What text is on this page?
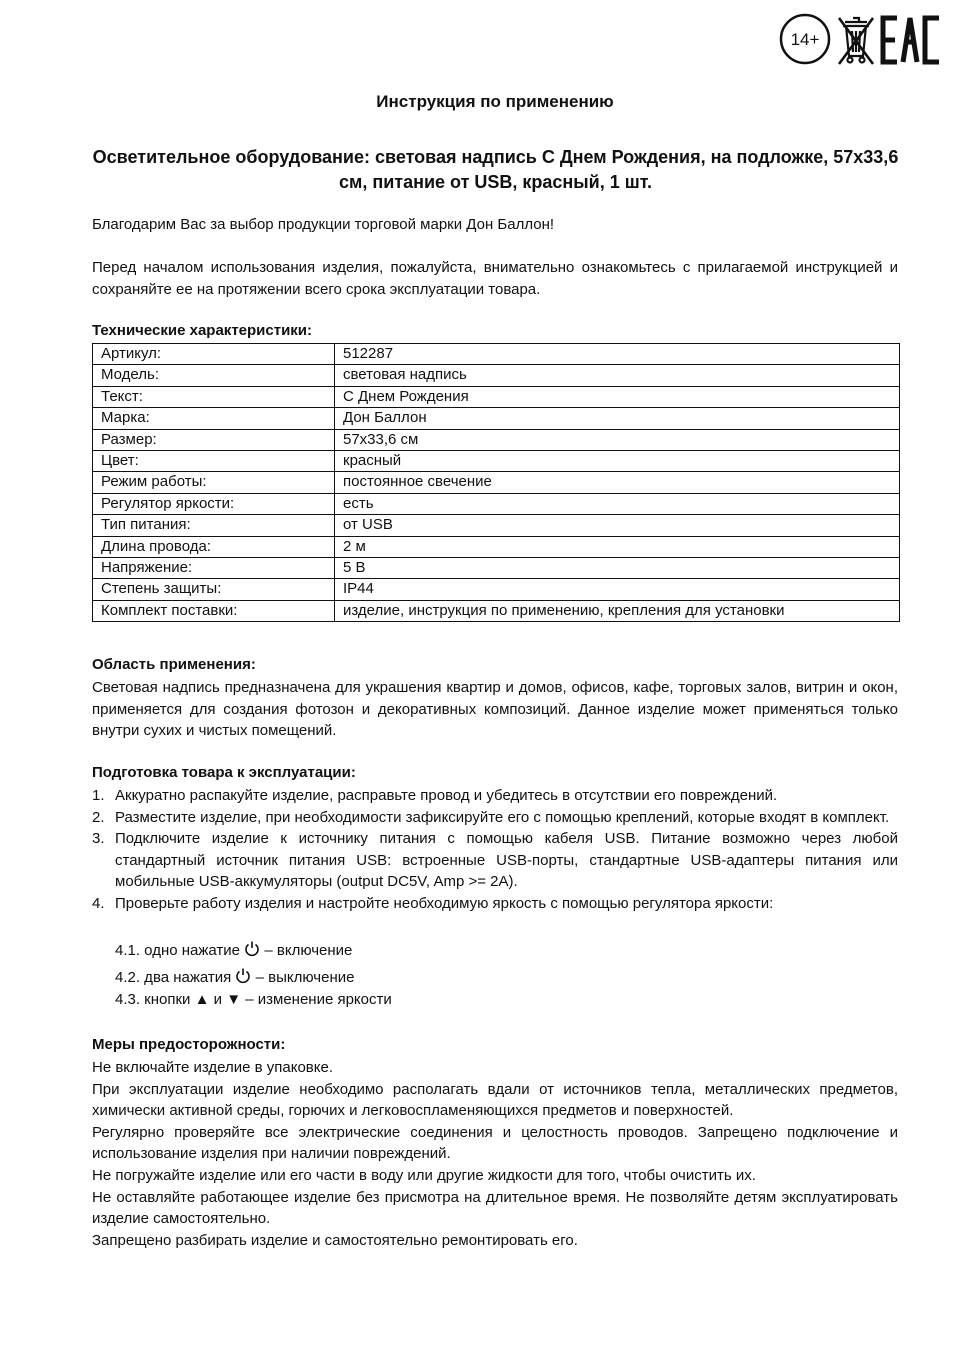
14+
EAC
Инструкция по применению
Осветительное оборудование: световая надпись С Днем Рождения, на подложке, 57х33,6 см, питание от USB, красный, 1 шт.
Благодарим Вас за выбор продукции торговой марки Дон Баллон!
Перед началом использования изделия, пожалуйста, внимательно ознакомьтесь с прилагаемой инструкцией и сохраняйте ее на протяжении всего срока эксплуатации товара.
Технические характеристики:
Артикул:	512287
Модель:	световая надпись
Текст:	С Днем Рождения
Марка:	Дон Баллон
Размер:	57х33,6 см
Цвет:	красный
Режим работы:	постоянное свечение
Регулятор яркости:	есть
Тип питания:	от USB
Длина провода:	2 м
Напряжение:	5 В
Степень защиты:	IP44
Комплект поставки:	изделие, инструкция по применению, крепления для установки
Область применения:
Световая надпись предназначена для украшения квартир и домов, офисов, кафе, торговых залов, витрин и окон, применяется для создания фотозон и декоративных композиций. Данное изделие может применяться только внутри сухих и чистых помещений.
Подготовка товара к эксплуатации:
1. Аккуратно распакуйте изделие, расправьте провод и убедитесь в отсутствии его повреждений.
2. Разместите изделие, при необходимости зафиксируйте его с помощью креплений, которые входят в комплект.
3. Подключите изделие к источнику питания с помощью кабеля USB. Питание возможно через любой стандартный источник питания USB: встроенные USB-порты, стандартные USB-адаптеры питания или мобильные USB-аккумуляторы (output DC5V, Amp >= 2A).
4. Проверьте работу изделия и настройте необходимую яркость с помощью регулятора яркости:
4.1. одно нажатие – включение
4.2. два нажатия – выключение
4.3. кнопки ▲ и ▼ – изменение яркости
Меры предосторожности:

Не включайте изделие в упаковке.

При эксплуатации изделие необходимо располагать вдали от источников тепла, металлических предметов, химически активной среды, горючих и легковоспламеняющихся предметов и поверхностей.

Регулярно проверяйте все электрические соединения и целостность проводов. Запрещено подключение и использование изделия при наличии повреждений.

Не погружайте изделие или его части в воду или другие жидкости для того, чтобы очистить их.

Не оставляйте работающее изделие без присмотра на длительное время. Не позволяйте детям эксплуатировать изделие самостоятельно.

Запрещено разбирать изделие и самостоятельно ремонтировать его.
